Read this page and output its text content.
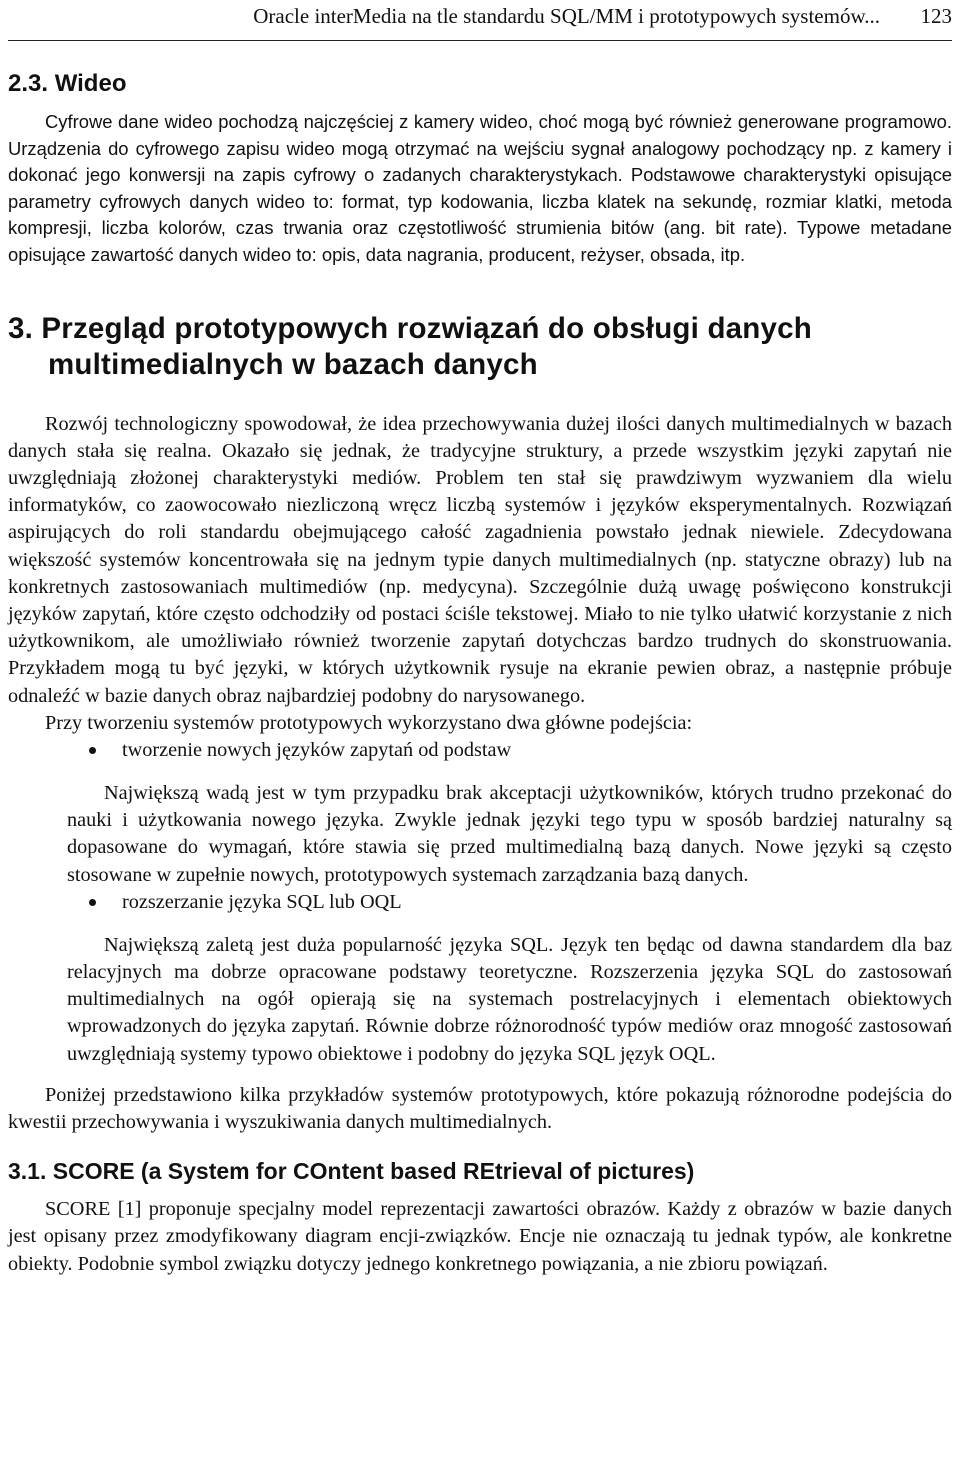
Oracle interMedia na tle standardu SQL/MM i prototypowych systemów... 123
2.3. Wideo

Cyfrowe dane wideo pochodzą najczęściej z kamery wideo, choć mogą być również generowane programowo. Urządzenia do cyfrowego zapisu wideo mogą otrzymać na wejściu sygnał analogowy pochodzący np. z kamery i dokonać jego konwersji na zapis cyfrowy o zadanych charakterystykach. Podstawowe charakterystyki opisujące parametry cyfrowych danych wideo to: format, typ kodowania, liczba klatek na sekundę, rozmiar klatki, metoda kompresji, liczba kolorów, czas trwania oraz częstotliwość strumienia bitów (ang. bit rate). Typowe metadane opisujące zawartość danych wideo to: opis, data nagrania, producent, reżyser, obsada, itp.

3. Przegląd prototypowych rozwiązań do obsługi danych multimedialnych w bazach danych

Rozwój technologiczny spowodował, że idea przechowywania dużej ilości danych multimedialnych w bazach danych stała się realna. Okazało się jednak, że tradycyjne struktury, a przede wszystkim języki zapytań nie uwzględniają złożonej charakterystyki mediów. Problem ten stał się prawdziwym wyzwaniem dla wielu informatyków, co zaowocowało niezliczoną wręcz liczbą systemów i języków eksperymentalnych. Rozwiązań aspirujących do roli standardu obejmującego całość zagadnienia powstało jednak niewiele. Zdecydowana większość systemów koncentrowała się na jednym typie danych multimedialnych (np. statyczne obrazy) lub na konkretnych zastosowaniach multimediów (np. medycyna). Szczególnie dużą uwagę poświęcono konstrukcji języków zapytań, które często odchodziły od postaci ściśle tekstowej. Miało to nie tylko ułatwić korzystanie z nich użytkownikom, ale umożliwiało również tworzenie zapytań dotychczas bardzo trudnych do skonstruowania. Przykładem mogą tu być języki, w których użytkownik rysuje na ekranie pewien obraz, a następnie próbuje odnaleźć w bazie danych obraz najbardziej podobny do narysowanego.

Przy tworzeniu systemów prototypowych wykorzystano dwa główne podejścia:

tworzenie nowych języków zapytań od podstaw

Największą wadą jest w tym przypadku brak akceptacji użytkowników, których trudno przekonać do nauki i użytkowania nowego języka. Zwykle jednak języki tego typu w sposób bardziej naturalny są dopasowane do wymagań, które stawia się przed multimedialną bazą danych. Nowe języki są często stosowane w zupełnie nowych, prototypowych systemach zarządzania bazą danych.

rozszerzanie języka SQL lub OQL

Największą zaletą jest duża popularność języka SQL. Język ten będąc od dawna standardem dla baz relacyjnych ma dobrze opracowane podstawy teoretyczne. Rozszerzenia języka SQL do zastosowań multimedialnych na ogół opierają się na systemach postrelacyjnych i elementach obiektowych wprowadzonych do języka zapytań. Równie dobrze różnorodność typów mediów oraz mnogość zastosowań uwzględniają systemy typowo obiektowe i podobny do języka SQL język OQL.

Poniżej przedstawiono kilka przykładów systemów prototypowych, które pokazują różnorodne podejścia do kwestii przechowywania i wyszukiwania danych multimedialnych.

3.1. SCORE (a System for COntent based REtrieval of pictures)

SCORE [1] proponuje specjalny model reprezentacji zawartości obrazów. Każdy z obrazów w bazie danych jest opisany przez zmodyfikowany diagram encji-związków. Encje nie oznaczają tu jednak typów, ale konkretne obiekty. Podobnie symbol związku dotyczy jednego konkretnego powiązania, a nie zbioru powiązań.
